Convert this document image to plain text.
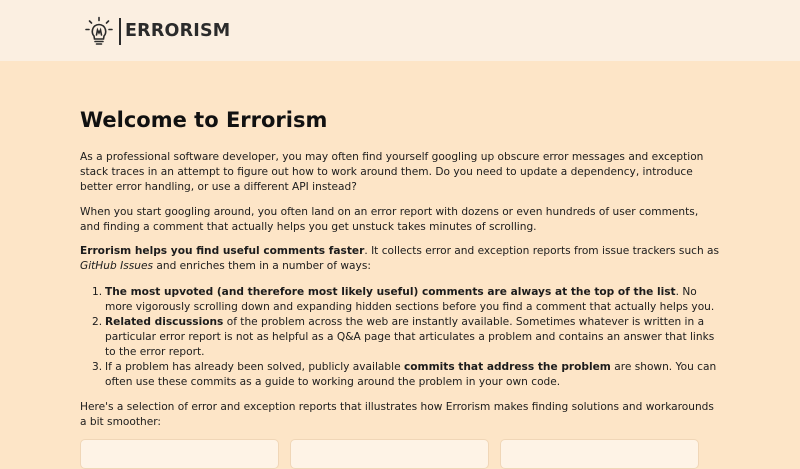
ERRORISM
Welcome to Errorism

As a professional software developer, you may often find yourself googling up obscure error messages and exception stack traces in an attempt to figure out how to work around them. Do you need to update a dependency, introduce better error handling, or use a different API instead?

When you start googling around, you often land on an error report with dozens or even hundreds of user comments, and finding a comment that actually helps you get unstuck takes minutes of scrolling.

Errorism helps you find useful comments faster. It collects error and exception reports from issue trackers such as GitHub Issues and enriches them in a number of ways:

1. The most upvoted (and therefore most likely useful) comments are always at the top of the list. No more vigorously scrolling down and expanding hidden sections before you find a comment that actually helps you.
2. Related discussions of the problem across the web are instantly available. Sometimes whatever is written in a particular error report is not as helpful as a Q&A page that articulates a problem and contains an answer that links to the error report.
3. If a problem has already been solved, publicly available commits that address the problem are shown. You can often use these commits as a guide to working around the problem in your own code.

Here's a selection of error and exception reports that illustrates how Errorism makes finding solutions and workarounds a bit smoother:
